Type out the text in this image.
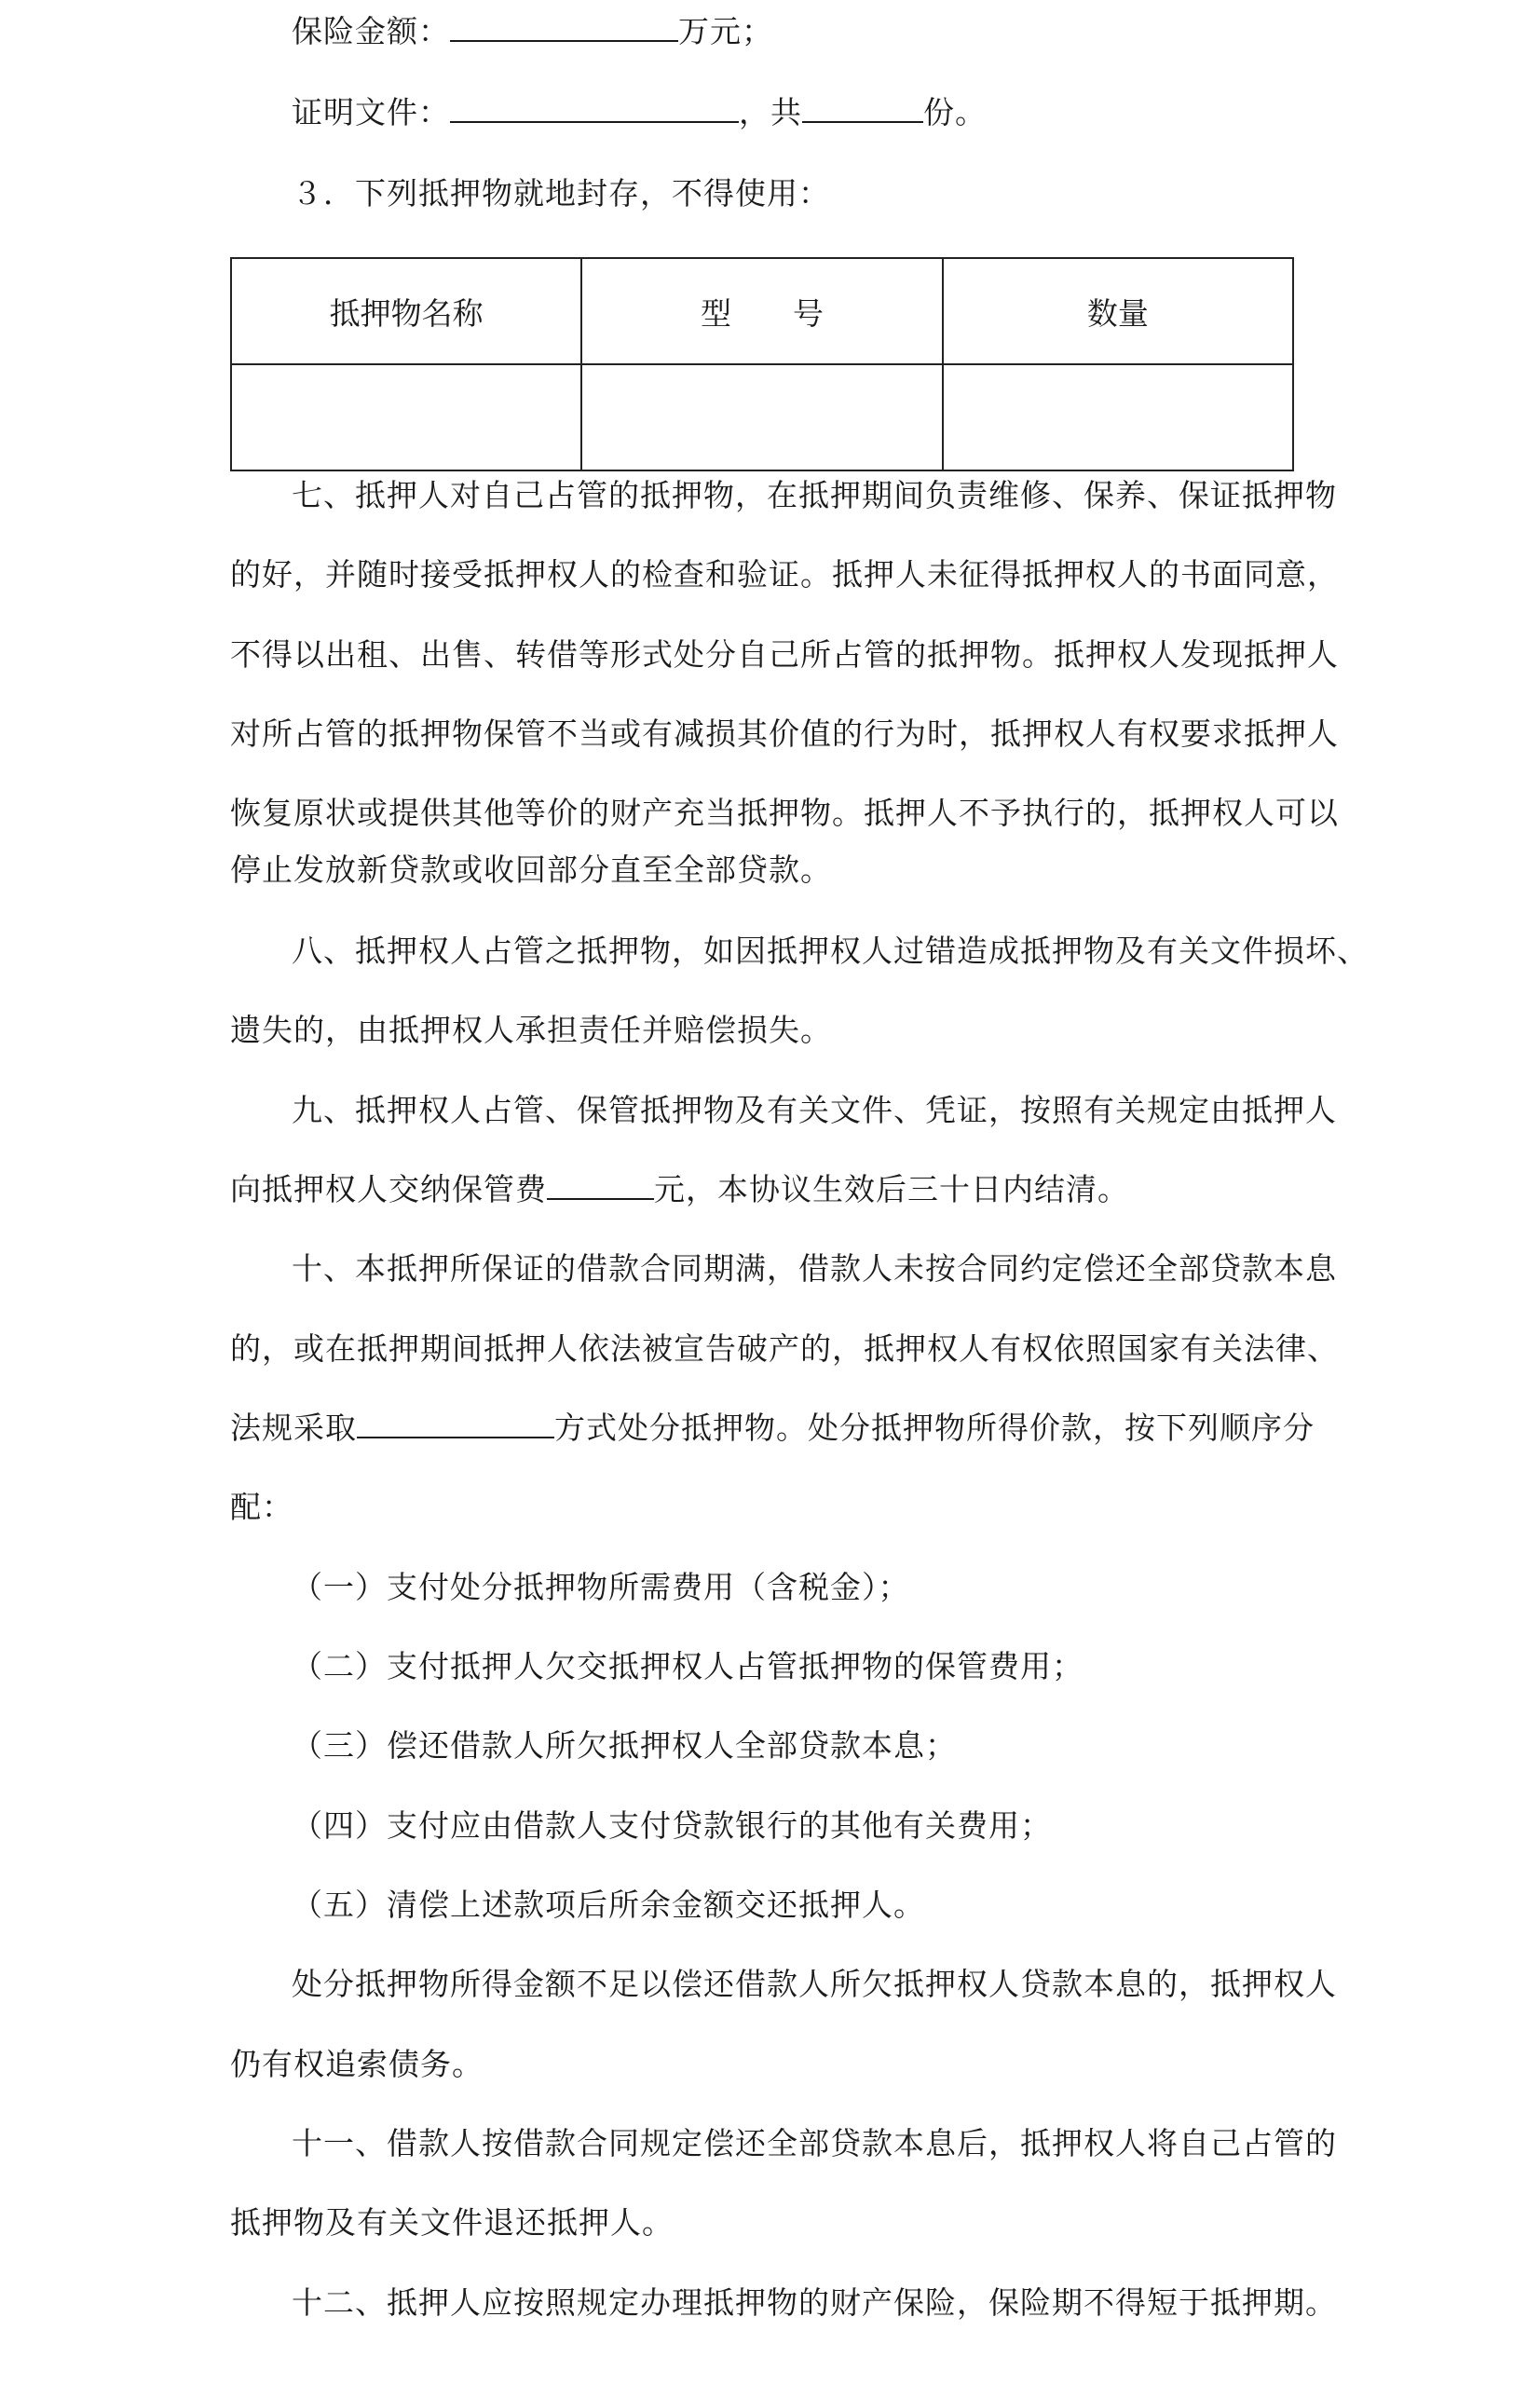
保险金额：	万元；
证明文件：	，共	份。
３．下列抵押物就地封存，不得使用：
抵押物名称	型　　号	数量

七、抵押人对自己占管的抵押物，在抵押期间负责维修、保养、保证抵押物
的好，并随时接受抵押权人的检查和验证。抵押人未征得抵押权人的书面同意，
不得以出租、出售、转借等形式处分自己所占管的抵押物。抵押权人发现抵押人
对所占管的抵押物保管不当或有减损其价值的行为时，抵押权人有权要求抵押人
恢复原状或提供其他等价的财产充当抵押物。抵押人不予执行的，抵押权人可以
停止发放新贷款或收回部分直至全部贷款。
八、抵押权人占管之抵押物，如因抵押权人过错造成抵押物及有关文件损坏、
遗失的，由抵押权人承担责任并赔偿损失。
九、抵押权人占管、保管抵押物及有关文件、凭证，按照有关规定由抵押人
向抵押权人交纳保管费	元，本协议生效后三十日内结清。
十、本抵押所保证的借款合同期满，借款人未按合同约定偿还全部贷款本息
的，或在抵押期间抵押人依法被宣告破产的，抵押权人有权依照国家有关法律、
法规采取	方式处分抵押物。处分抵押物所得价款，按下列顺序分
配：
（一）支付处分抵押物所需费用（含税金）；
（二）支付抵押人欠交抵押权人占管抵押物的保管费用；
（三）偿还借款人所欠抵押权人全部贷款本息；
（四）支付应由借款人支付贷款银行的其他有关费用；
（五）清偿上述款项后所余金额交还抵押人。
处分抵押物所得金额不足以偿还借款人所欠抵押权人贷款本息的，抵押权人
仍有权追索债务。
十一、借款人按借款合同规定偿还全部贷款本息后，抵押权人将自己占管的
抵押物及有关文件退还抵押人。
十二、抵押人应按照规定办理抵押物的财产保险，保险期不得短于抵押期。
